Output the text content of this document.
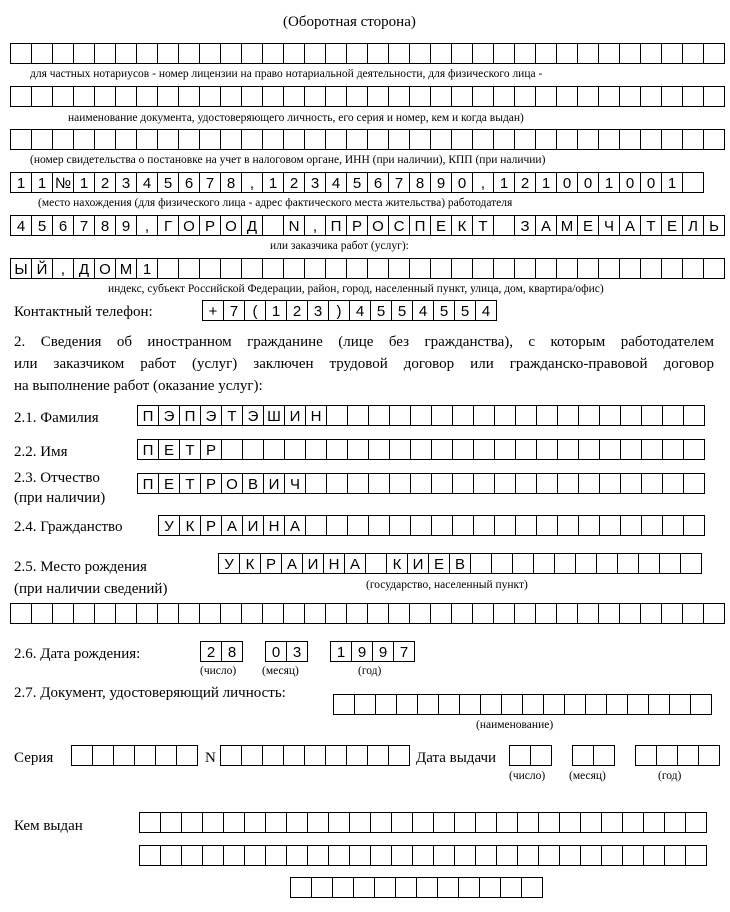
(Оборотная сторона)
для частных нотариусов - номер лицензии на право нотариальной деятельности, для физического лица -
наименование документа, удостоверяющего личность, его серия и номер, кем и когда выдан)
(номер свидетельства о постановке на учет в налоговом органе, ИНН (при наличии), КПП (при наличии)
1 1 № 1 2 3 4 5 6 7 8 , 1 2 3 4 5 6 7 8 9 0 , 1 2 1 0 0 1 0 0 1
(место нахождения (для физического лица - адрес фактического места жительства) работодателя
4 5 6 7 8 9 , Г О Р О Д	N , П Р О С П Е К Т	З А М Е Ч А Т Е Л Ь
или заказчика работ (услуг):
Ы Й , Д О М 1
индекс, субъект Российской Федерации, район, город, населенный пункт, улица, дом, квартира/офис)
Контактный телефон:	+ 7 ( 1 2 3 ) 4 5 5 4 5 5 4
2. Сведения об иностранном гражданине (лице без гражданства), с которым работодателем
или заказчиком работ (услуг) заключен трудовой договор или гражданско-правовой договор
на выполнение работ (оказание услуг):
2.1. Фамилия	П Э П Э Т Э Ш И Н
2.2. Имя	П Е Т Р
2.3. Отчество
(при наличии)
П Е Т Р О В И Ч
2.4. Гражданство	У К Р А И Н А
2.5. Место рождения
(при наличии сведений)
У К Р А И Н А	К И Е В
(государство, населенный пункт)
2.6. Дата рождения:	2 8	0 3	1 9 9 7
(число) (месяц)	(год)
2.7. Документ, удостоверяющий личность:
(наименование)
Серия	N	Дата выдачи
(число) (месяц)	(год)
Кем выдан
